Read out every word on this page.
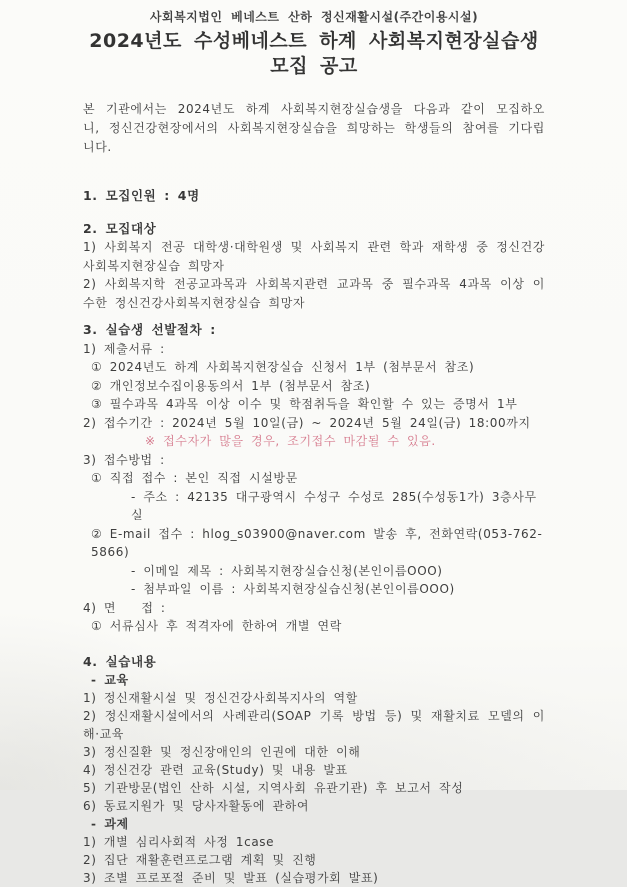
사회복지법인 베네스트 산하 정신재활시설(주간이용시설)
2024년도 수성베네스트 하계 사회복지현장실습생 모집 공고

본 기관에서는 2024년도 하계 사회복지현장실습생을 다음과 같이 모집하오니, 정신건강현장에서의 사회복지현장실습을 희망하는 학생들의 참여를 기다립니다.

1. 모집인원 : 4명
2. 모집대상
1) 사회복지 전공 대학생·대학원생 및 사회복지 관련 학과 재학생 중 정신건강사회복지현장실습 희망자
2) 사회복지학 전공교과목과 사회복지관련 교과목 중 필수과목 4과목 이상 이수한 정신건강사회복지현장실습 희망자
3. 실습생 선발절차 :
1) 제출서류 :
① 2024년도 하계 사회복지현장실습 신청서 1부 (첨부문서 참조)
② 개인정보수집이용동의서 1부 (첨부문서 참조)
③ 필수과목 4과목 이상 이수 및 학점취득을 확인할 수 있는 증명서 1부
2) 접수기간 : 2024년 5월 10일(금) ~ 2024년 5월 24일(금) 18:00까지
※ 접수자가 많을 경우, 조기접수 마감될 수 있음.
3) 접수방법 :
① 직접 접수 : 본인 직접 시설방문
- 주소 : 42135 대구광역시 수성구 수성로 285(수성동1가) 3층사무실
② E-mail 접수 : hlog_s03900@naver.com 발송 후, 전화연락(053-762-5866)
- 이메일 제목 : 사회복지현장실습신청(본인이름OOO)
- 첨부파일 이름 : 사회복지현장실습신청(본인이름OOO)
4) 면　　접 :
① 서류심사 후 적격자에 한하여 개별 연락
4. 실습내용
- 교육
1) 정신재활시설 및 정신건강사회복지사의 역할
2) 정신재활시설에서의 사례관리(SOAP 기록 방법 등) 및 재활치료 모델의 이해·교육
3) 정신질환 및 정신장애인의 인권에 대한 이해
4) 정신건강 관련 교육(Study) 및 내용 발표
5) 기관방문(법인 산하 시설, 지역사회 유관기관) 후 보고서 작성
6) 동료지원가 및 당사자활동에 관하여
- 과제
1) 개별 심리사회적 사정 1case
2) 집단 재활훈련프로그램 계획 및 진행
3) 조별 프로포절 준비 및 발표 (실습평가회 발표)
